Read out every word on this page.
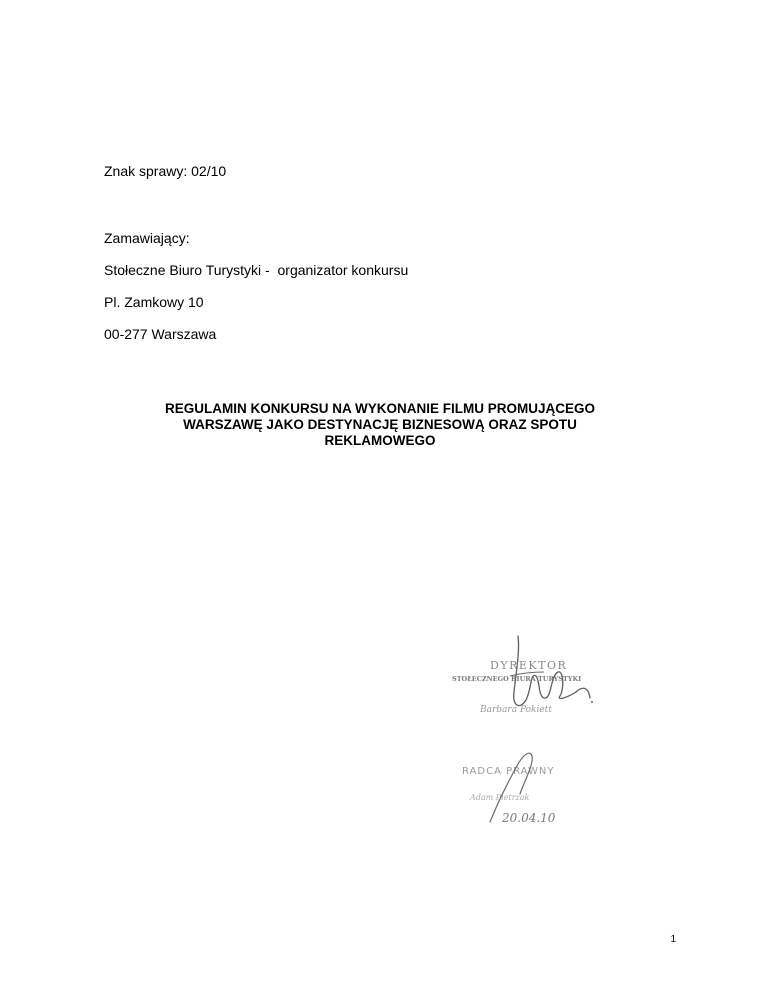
Znak sprawy: 02/10
Zamawiający:
Stołeczne Biuro Turystyki -  organizator konkursu
Pl. Zamkowy 10
00-277 Warszawa
REGULAMIN KONKURSU NA WYKONANIE FILMU PROMUJĄCEGO
WARSZAWĘ JAKO DESTYNACJĘ BIZNESOWĄ ORAZ SPOTU
REKLAMOWEGO
DYREKTOR
STOŁECZNEGO BIURA TURYSTYKI
Barbara Pokiett
RADCA PRAWNY
Adam Pietrzak
20.04.10
1
